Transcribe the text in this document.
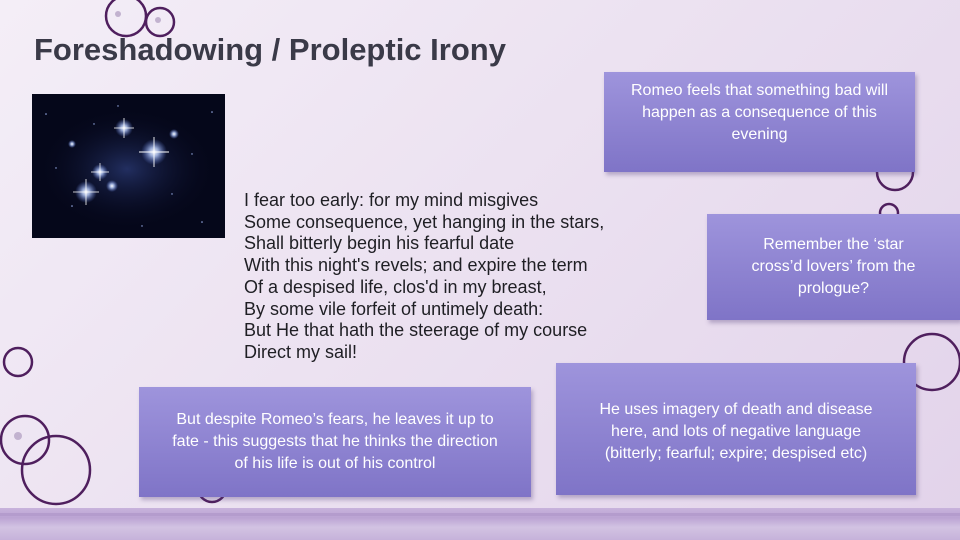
Foreshadowing / Proleptic Irony
I fear too early: for my mind misgives
Some consequence, yet hanging in the stars,
Shall bitterly begin his fearful date
With this night's revels; and expire the term
Of a despised life, clos'd in my breast,
By some vile forfeit of untimely death:
But He that hath the steerage of my course
Direct my sail!
Romeo feels that something bad will
happen as a consequence of this
evening
Remember the ‘star
cross’d lovers’ from the
prologue?
But despite Romeo’s fears, he leaves it up to
fate - this suggests that he thinks the direction
of his life is out of his control
He uses imagery of death and disease
here, and lots of negative language
(bitterly; fearful; expire; despised etc)
